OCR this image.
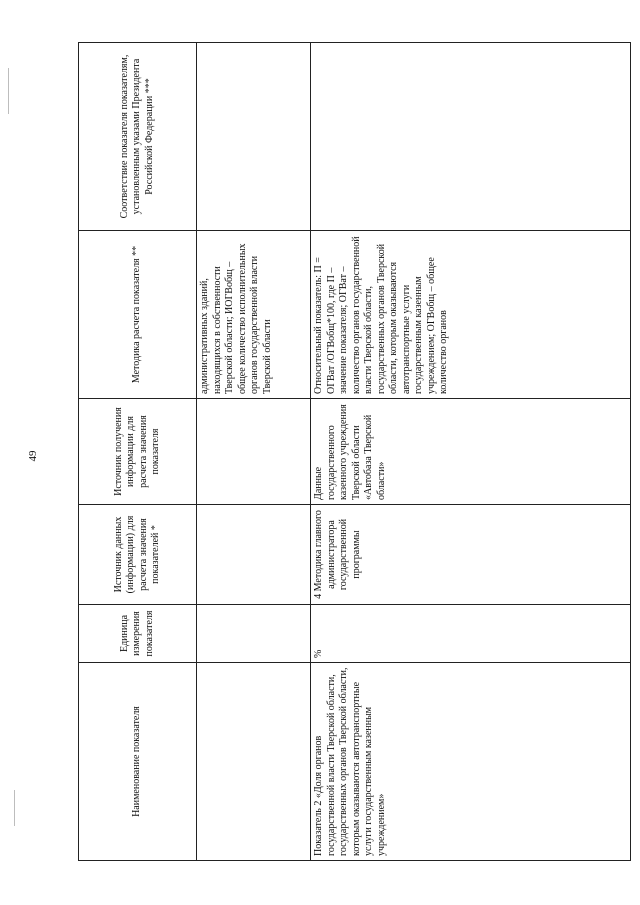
49
Наименование показателя	Единица измерения показателя	Источник данных (информации) для расчета значения показателей *	Источник получения информации для расчета значения показателя	Методика расчета показателя **	Соответствие показателя показателям, установленным указами Президента Российской Федерации ***
				административных зданий, находящихся в собственности Тверской области; ИОГВобщ – общее количество исполнительных органов государственной власти Тверской области	
Показатель 2 «Доля органов государственной власти Тверской области, государственных органов Тверской области, которым оказываются автотранспортные услуги государственным казенным учреждением»	%	4 Методика главного администратора государственной программы	Данные государственного казенного учреждения Тверской области «Автобаза Тверской области»	Относительный показатель: П = ОГВат /ОГВобщ*100, где П – значение показателя; ОГВат – количество органов государственной власти Тверской области, государственных органов Тверской области, которым оказываются автотранспортные услуги государственным казенным учреждением; ОГВобщ – общее количество органов	
